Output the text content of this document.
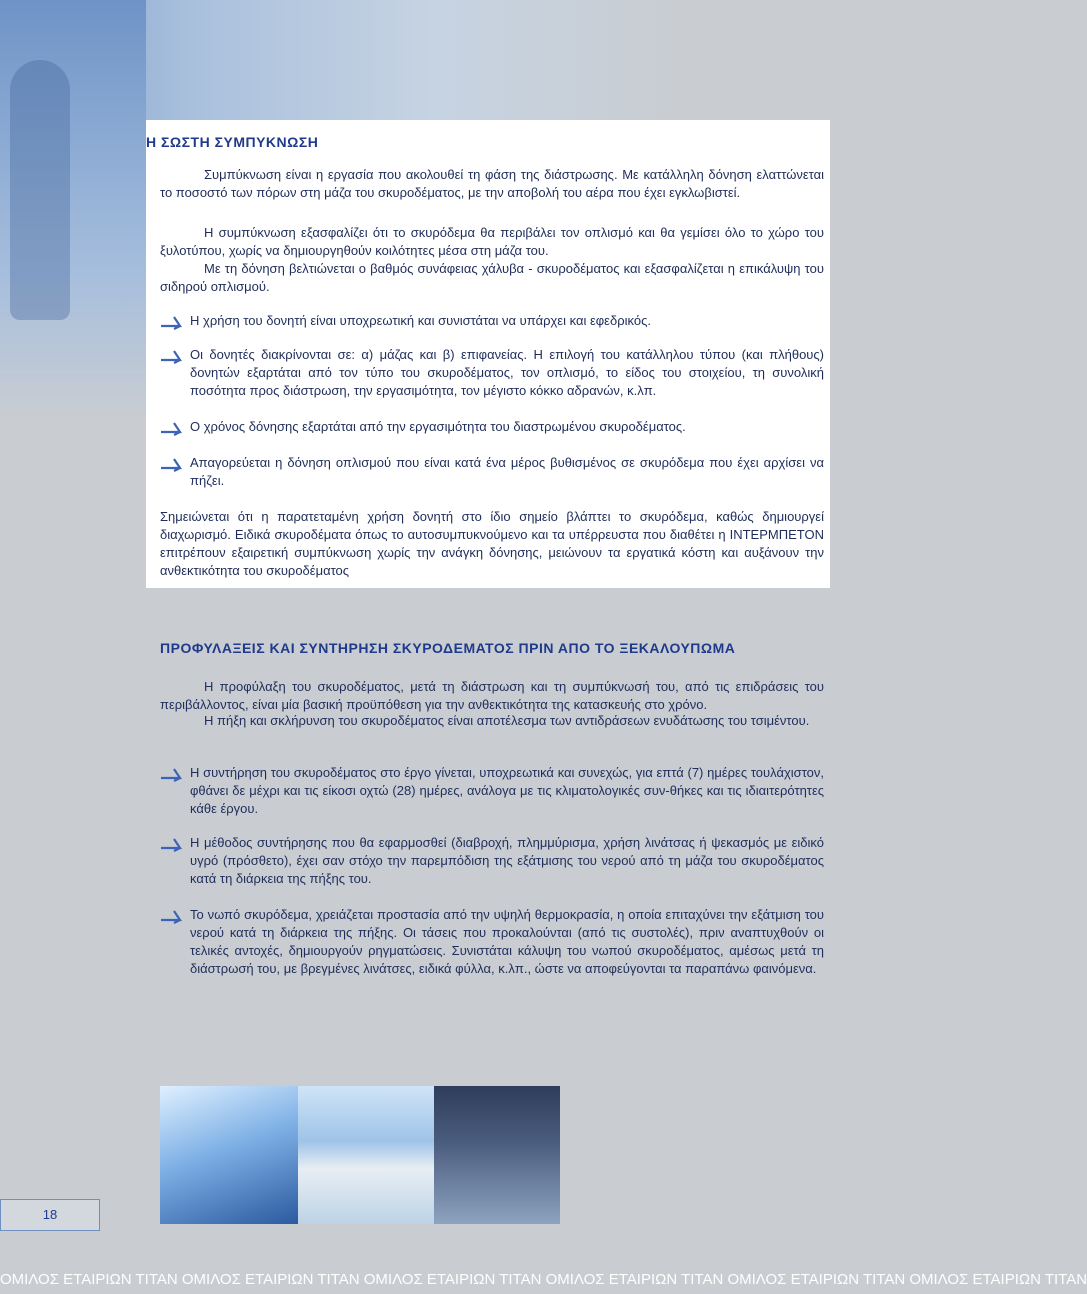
Η ΣΩΣΤΗ ΣΥΜΠΥΚΝΩΣΗ
Συμπύκνωση είναι η εργασία που ακολουθεί τη φάση της διάστρωσης. Με κατάλληλη δόνηση ελαττώνεται το ποσοστό των πόρων στη μάζα του σκυροδέματος, με την αποβολή του αέρα που έχει εγκλωβιστεί.
Η συμπύκνωση εξασφαλίζει ότι το σκυρόδεμα θα περιβάλει τον οπλισμό και θα γεμίσει όλο το χώρο του ξυλοτύπου, χωρίς να δημιουργηθούν κοιλότητες μέσα στη μάζα του.
Με τη δόνηση βελτιώνεται ο βαθμός συνάφειας χάλυβα - σκυροδέματος και εξασφαλίζεται η επικάλυψη του σιδηρού οπλισμού.
Η χρήση του δονητή είναι υποχρεωτική και συνιστάται να υπάρχει και εφεδρικός.
Οι δονητές διακρίνονται σε: α) μάζας και β) επιφανείας. Η επιλογή του κατάλληλου τύπου (και πλήθους) δονητών εξαρτάται από τον τύπο του σκυροδέματος, τον οπλισμό, το είδος του στοιχείου, τη συνολική ποσότητα προς διάστρωση, την εργασιμότητα, τον μέγιστο κόκκο αδρανών, κ.λπ.
Ο χρόνος δόνησης εξαρτάται από την εργασιμότητα του διαστρωμένου σκυροδέματος.
Απαγορεύεται η δόνηση οπλισμού που είναι κατά ένα μέρος βυθισμένος σε σκυρόδεμα που έχει αρχίσει να πήζει.
Σημειώνεται ότι η παρατεταμένη χρήση δονητή στο ίδιο σημείο βλάπτει το σκυρόδεμα, καθώς δημιουργεί διαχωρισμό. Ειδικά σκυροδέματα όπως το αυτοσυμπυκνούμενο και τα υπέρρευστα που διαθέτει η ΙΝΤΕΡΜΠΕΤΟΝ επιτρέπουν εξαιρετική συμπύκνωση χωρίς την ανάγκη δόνησης, μειώνουν τα εργατικά κόστη και αυξάνουν την ανθεκτικότητα του σκυροδέματος
ΠΡΟΦΥΛΑΞΕΙΣ ΚΑΙ ΣΥΝΤΗΡΗΣΗ ΣΚΥΡΟΔΕΜΑΤΟΣ ΠΡΙΝ ΑΠΟ ΤΟ ΞΕΚΑΛΟΥΠΩΜΑ
Η προφύλαξη του σκυροδέματος, μετά τη διάστρωση και τη συμπύκνωσή του, από τις επιδράσεις του περιβάλλοντος, είναι μία βασική προϋπόθεση για την ανθεκτικότητα της κατασκευής στο χρόνο.
Η πήξη και σκλήρυνση του σκυροδέματος είναι αποτέλεσμα των αντιδράσεων ενυδάτωσης του τσιμέντου.
Η συντήρηση του σκυροδέματος στο έργο γίνεται, υποχρεωτικά και συνεχώς, για επτά (7) ημέρες τουλάχιστον, φθάνει δε μέχρι και τις είκοσι οχτώ (28) ημέρες, ανάλογα με τις κλιματολογικές συν-θήκες και τις ιδιαιτερότητες κάθε έργου.
Η μέθοδος συντήρησης που θα εφαρμοσθεί (διαβροχή, πλημμύρισμα, χρήση λινάτσας ή ψεκασμός με ειδικό υγρό (πρόσθετο), έχει σαν στόχο την παρεμπόδιση της εξάτμισης του νερού από τη μάζα του σκυροδέματος κατά τη διάρκεια της πήξης του.
Το νωπό σκυρόδεμα, χρειάζεται προστασία από την υψηλή θερμοκρασία, η οποία επιταχύνει την εξάτμιση του νερού κατά τη διάρκεια της πήξης. Οι τάσεις που προκαλούνται (από τις συστολές), πριν αναπτυχθούν οι τελικές αντοχές, δημιουργούν ρηγματώσεις. Συνιστάται κάλυψη του νωπού σκυροδέματος, αμέσως μετά τη διάστρωσή του, με βρεγμένες λινάτσες, ειδικά φύλλα, κ.λπ., ώστε να αποφεύγονται τα παραπάνω φαινόμενα.
18
ΟΜΙΛΟΣ ΕΤΑΙΡΙΩΝ ΤΙΤΑΝ ΟΜΙΛΟΣ ΕΤΑΙΡΙΩΝ ΤΙΤΑΝ ΟΜΙΛΟΣ ΕΤΑΙΡΙΩΝ ΤΙΤΑΝ ΟΜΙΛΟΣ ΕΤΑΙΡΙΩΝ ΤΙΤΑΝ ΟΜΙΛΟΣ ΕΤΑΙΡΙΩΝ ΤΙΤΑΝ ΟΜΙΛΟΣ ΕΤΑΙΡΙΩΝ ΤΙΤΑΝ
